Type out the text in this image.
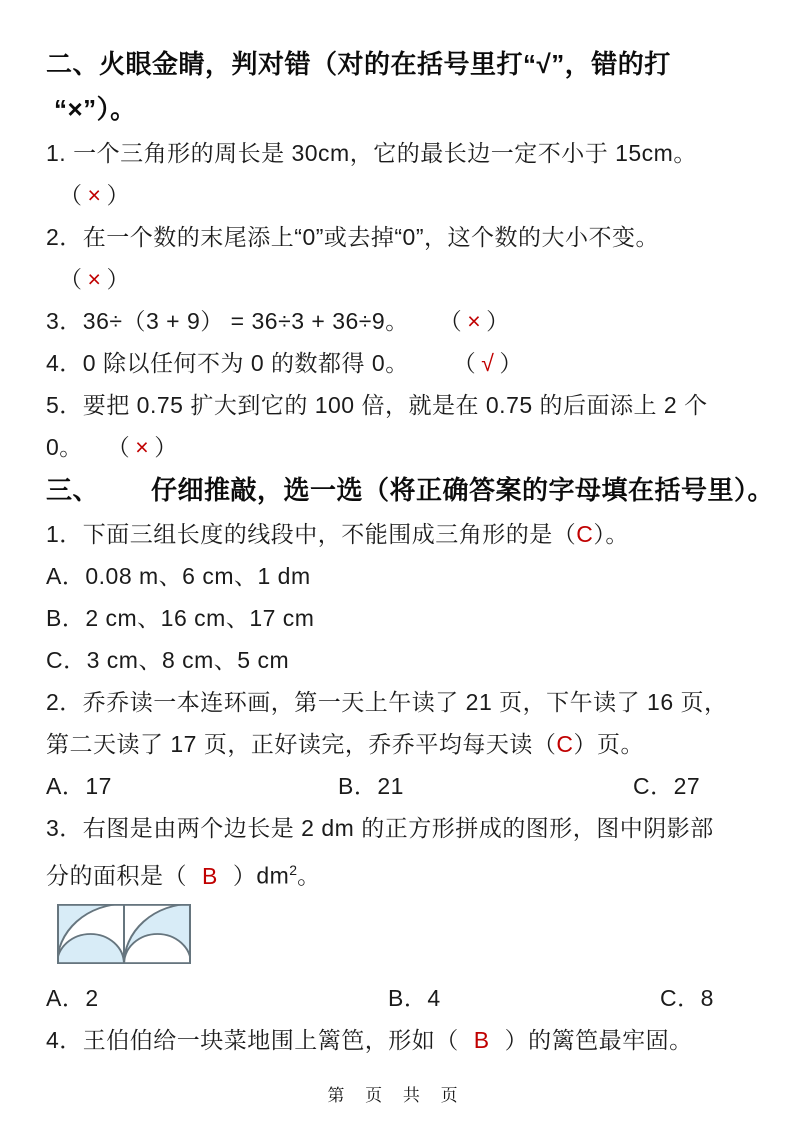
二、火眼金睛，判对错（对的在括号里打“√”，错的打
“×”）。
1. 一个三角形的周长是 30cm，它的最长边一定不小于 15cm。
（ × ）
2．在一个数的末尾添上“0”或去掉“0”，这个数的大小不变。
（ × ）
3．36÷（3 + 9） = 36÷3 + 36÷9。 （ × ）
4．0 除以任何不为 0 的数都得 0。 （ √ ）
5．要把 0.75 扩大到它的 100 倍，就是在 0.75 的后面添上 2 个
0。 （ × ）
三、 仔细推敲，选一选（将正确答案的字母填在括号里）。
1．下面三组长度的线段中，不能围成三角形的是（C）。
A．0.08 m、6 cm、1 dm
B．2 cm、16 cm、17 cm
C．3 cm、8 cm、5 cm
2．乔乔读一本连环画，第一天上午读了 21 页，下午读了 16 页，
第二天读了 17 页，正好读完，乔乔平均每天读（C）页。
A．17	B．21	C．27
3．右图是由两个边长是 2 dm 的正方形拼成的图形，图中阴影部
分的面积是（ B ）$dm^2$。
A．2	B．4	C．8
4．王伯伯给一块菜地围上篱笆，形如（ B ）的篱笆最牢固。
第 页 共 页
